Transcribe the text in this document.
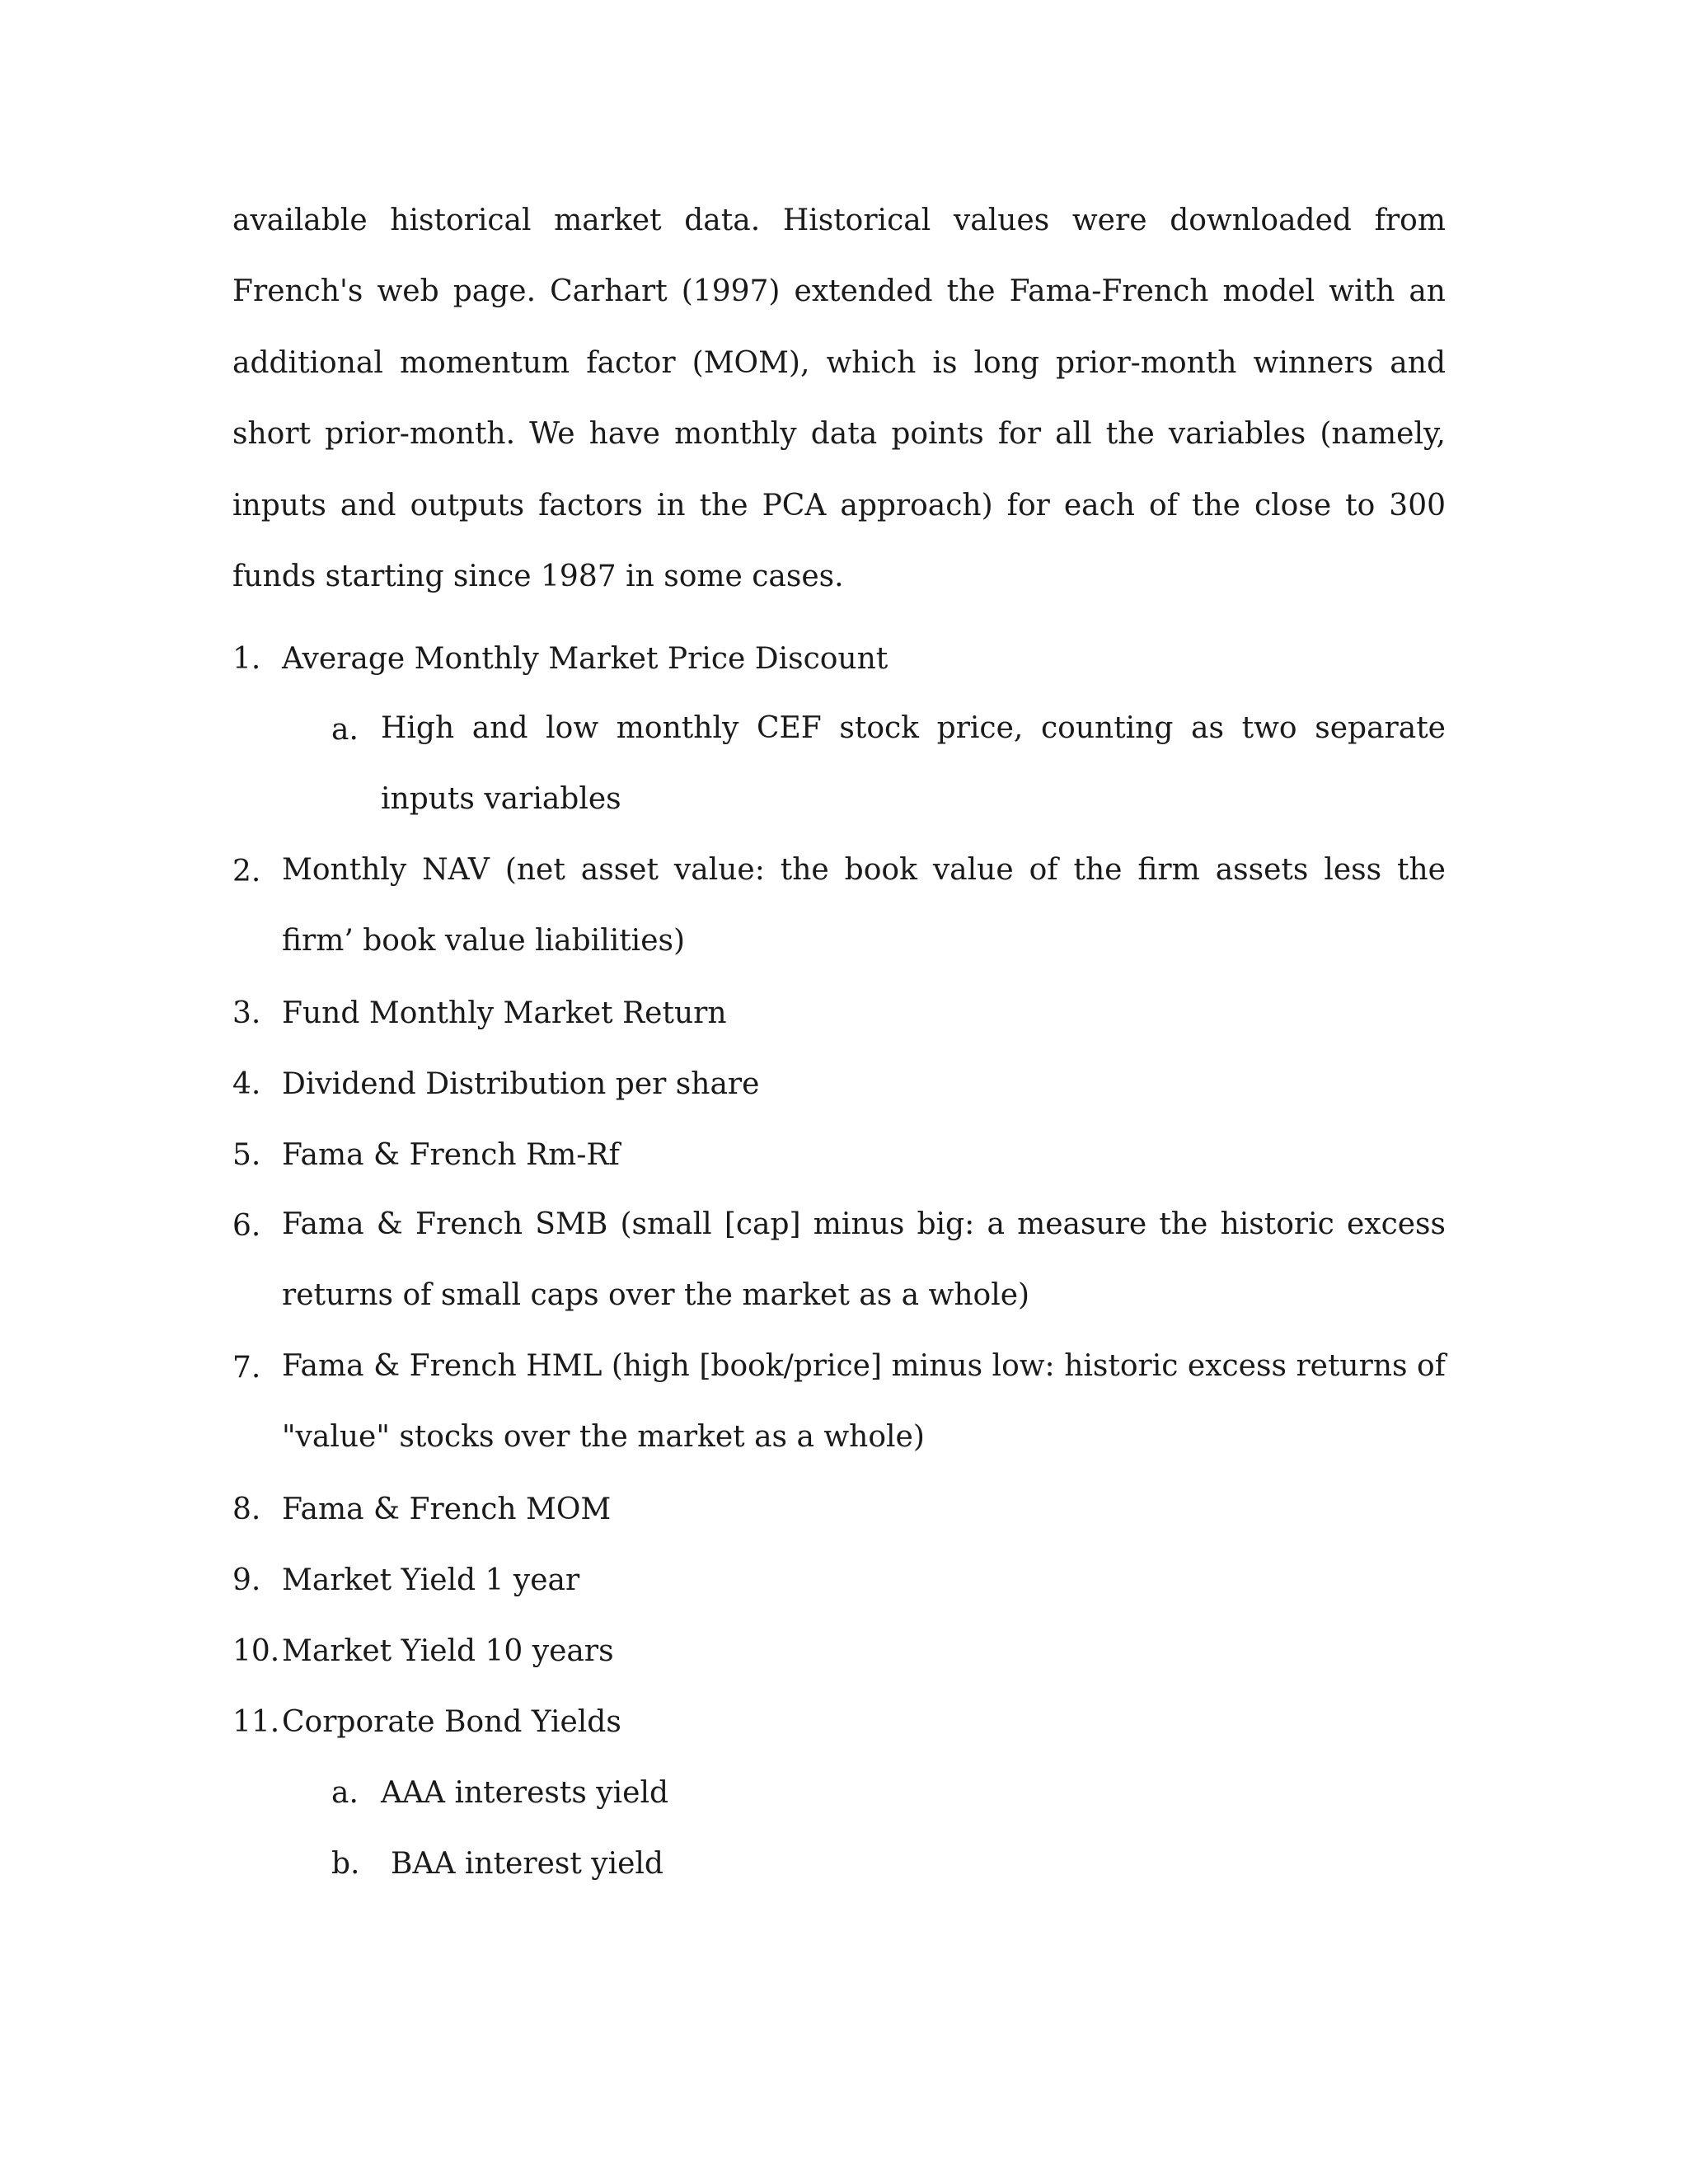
available historical market data. Historical values were downloaded from French's web page. Carhart (1997) extended the Fama-French model with an additional momentum factor (MOM), which is long prior-month winners and short prior-month. We have monthly data points for all the variables (namely, inputs and outputs factors in the PCA approach) for each of the close to 300 funds starting since 1987 in some cases.

1. Average Monthly Market Price Discount
a. High and low monthly CEF stock price, counting as two separate inputs variables
2. Monthly NAV (net asset value: the book value of the firm assets less the firm’ book value liabilities)
3. Fund Monthly Market Return
4. Dividend Distribution per share
5. Fama & French Rm-Rf
6. Fama & French SMB (small [cap] minus big: a measure the historic excess returns of small caps over the market as a whole)
7. Fama & French HML (high [book/price] minus low: historic excess returns of "value" stocks over the market as a whole)
8. Fama & French MOM
9. Market Yield 1 year
10. Market Yield 10 years
11. Corporate Bond Yields
a. AAA interests yield
b. BAA interest yield
